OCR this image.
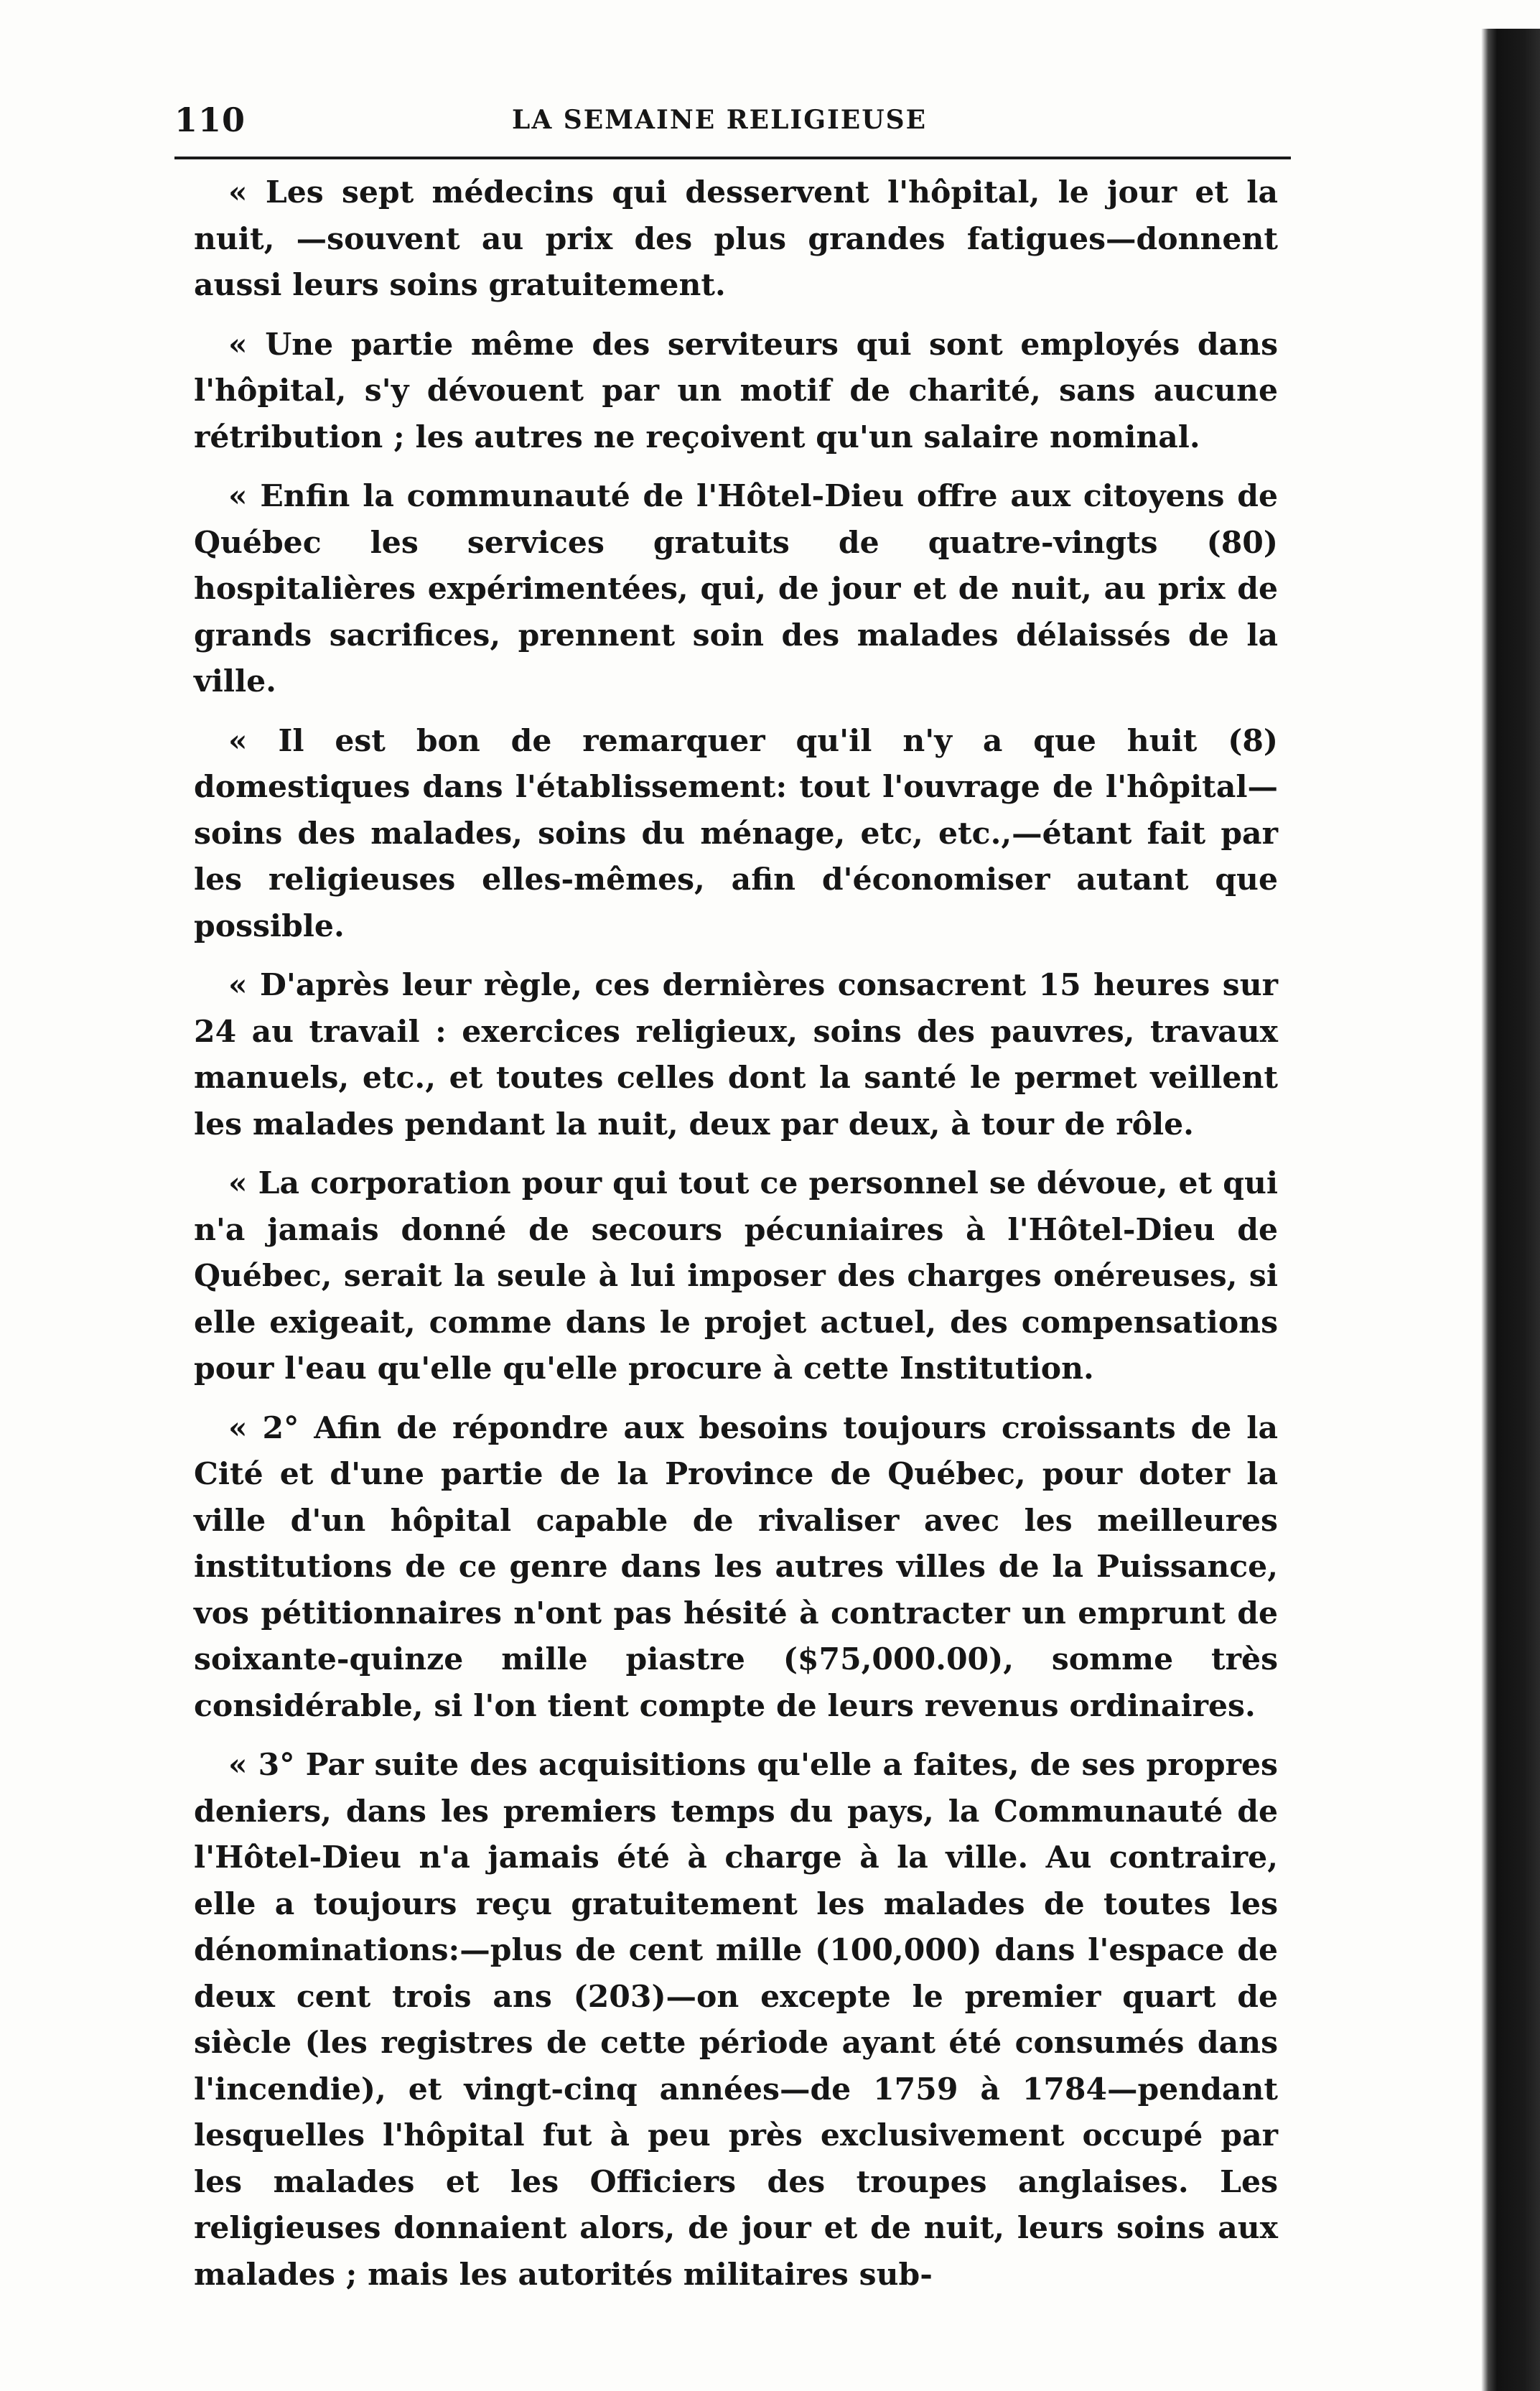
110	LA SEMAINE RELIGIEUSE

« Les sept médecins qui desservent l'hôpital, le jour et la nuit, —souvent au prix des plus grandes fatigues—donnent aussi leurs soins gratuitement.

« Une partie même des serviteurs qui sont employés dans l'hôpital, s'y dévouent par un motif de charité, sans aucune rétribution ; les autres ne reçoivent qu'un salaire nominal.

« Enfin la communauté de l'Hôtel-Dieu offre aux citoyens de Québec les services gratuits de quatre-vingts (80) hospitalières expérimentées, qui, de jour et de nuit, au prix de grands sacrifices, prennent soin des malades délaissés de la ville.

« Il est bon de remarquer qu'il n'y a que huit (8) domestiques dans l'établissement: tout l'ouvrage de l'hôpital—soins des malades, soins du ménage, etc, etc.,—étant fait par les religieuses elles-mêmes, afin d'économiser autant que possible.

« D'après leur règle, ces dernières consacrent 15 heures sur 24 au travail : exercices religieux, soins des pauvres, travaux manuels, etc., et toutes celles dont la santé le permet veillent les malades pendant la nuit, deux par deux, à tour de rôle.

« La corporation pour qui tout ce personnel se dévoue, et qui n'a jamais donné de secours pécuniaires à l'Hôtel-Dieu de Québec, serait la seule à lui imposer des charges onéreuses, si elle exigeait, comme dans le projet actuel, des compensations pour l'eau qu'elle qu'elle procure à cette Institution.

« 2° Afin de répondre aux besoins toujours croissants de la Cité et d'une partie de la Province de Québec, pour doter la ville d'un hôpital capable de rivaliser avec les meilleures institutions de ce genre dans les autres villes de la Puissance, vos pétitionnaires n'ont pas hésité à contracter un emprunt de soixante-quinze mille piastre ($75,000.00), somme très considérable, si l'on tient compte de leurs revenus ordinaires.

« 3° Par suite des acquisitions qu'elle a faites, de ses propres deniers, dans les premiers temps du pays, la Communauté de l'Hôtel-Dieu n'a jamais été à charge à la ville. Au contraire, elle a toujours reçu gratuitement les malades de toutes les dénominations:—plus de cent mille (100,000) dans l'espace de deux cent trois ans (203)—on excepte le premier quart de siècle (les registres de cette période ayant été consumés dans l'incendie), et vingt-cinq années—de 1759 à 1784—pendant lesquelles l'hôpital fut à peu près exclusivement occupé par les malades et les Officiers des troupes anglaises. Les religieuses donnaient alors, de jour et de nuit, leurs soins aux malades ; mais les autorités militaires sub-
